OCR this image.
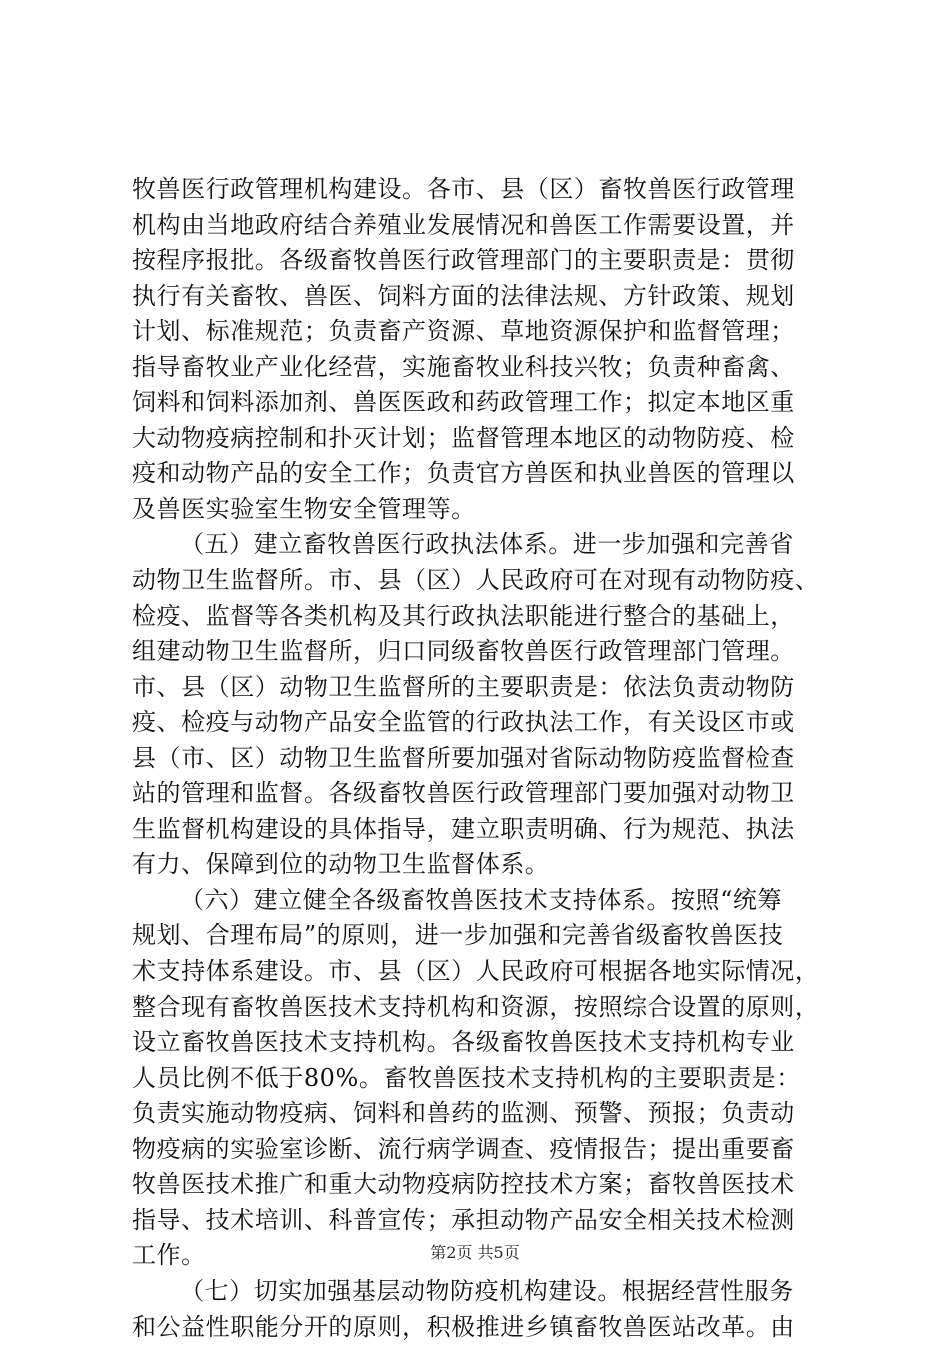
牧兽医行政管理机构建设。各市、县（区）畜牧兽医行政管理
机构由当地政府结合养殖业发展情况和兽医工作需要设置，并
按程序报批。各级畜牧兽医行政管理部门的主要职责是：贯彻
执行有关畜牧、兽医、饲料方面的法律法规、方针政策、规划
计划、标准规范；负责畜产资源、草地资源保护和监督管理；
指导畜牧业产业化经营，实施畜牧业科技兴牧；负责种畜禽、
饲料和饲料添加剂、兽医医政和药政管理工作；拟定本地区重
大动物疫病控制和扑灭计划；监督管理本地区的动物防疫、检
疫和动物产品的安全工作；负责官方兽医和执业兽医的管理以
及兽医实验室生物安全管理等。
（五）建立畜牧兽医行政执法体系。进一步加强和完善省
动物卫生监督所。市、县（区）人民政府可在对现有动物防疫、
检疫、监督等各类机构及其行政执法职能进行整合的基础上，
组建动物卫生监督所，归口同级畜牧兽医行政管理部门管理。
市、县（区）动物卫生监督所的主要职责是：依法负责动物防
疫、检疫与动物产品安全监管的行政执法工作，有关设区市或
县（市、区）动物卫生监督所要加强对省际动物防疫监督检查
站的管理和监督。各级畜牧兽医行政管理部门要加强对动物卫
生监督机构建设的具体指导，建立职责明确、行为规范、执法
有力、保障到位的动物卫生监督体系。
（六）建立健全各级畜牧兽医技术支持体系。按照“统筹
规划、合理布局”的原则，进一步加强和完善省级畜牧兽医技
术支持体系建设。市、县（区）人民政府可根据各地实际情况，
整合现有畜牧兽医技术支持机构和资源，按照综合设置的原则，
设立畜牧兽医技术支持机构。各级畜牧兽医技术支持机构专业
人员比例不低于80%。畜牧兽医技术支持机构的主要职责是：
负责实施动物疫病、饲料和兽药的监测、预警、预报；负责动
物疫病的实验室诊断、流行病学调查、疫情报告；提出重要畜
牧兽医技术推广和重大动物疫病防控技术方案；畜牧兽医技术
指导、技术培训、科普宣传；承担动物产品安全相关技术检测
工作。
（七）切实加强基层动物防疫机构建设。根据经营性服务
和公益性职能分开的原则，积极推进乡镇畜牧兽医站改革。由
第2页 共5页
